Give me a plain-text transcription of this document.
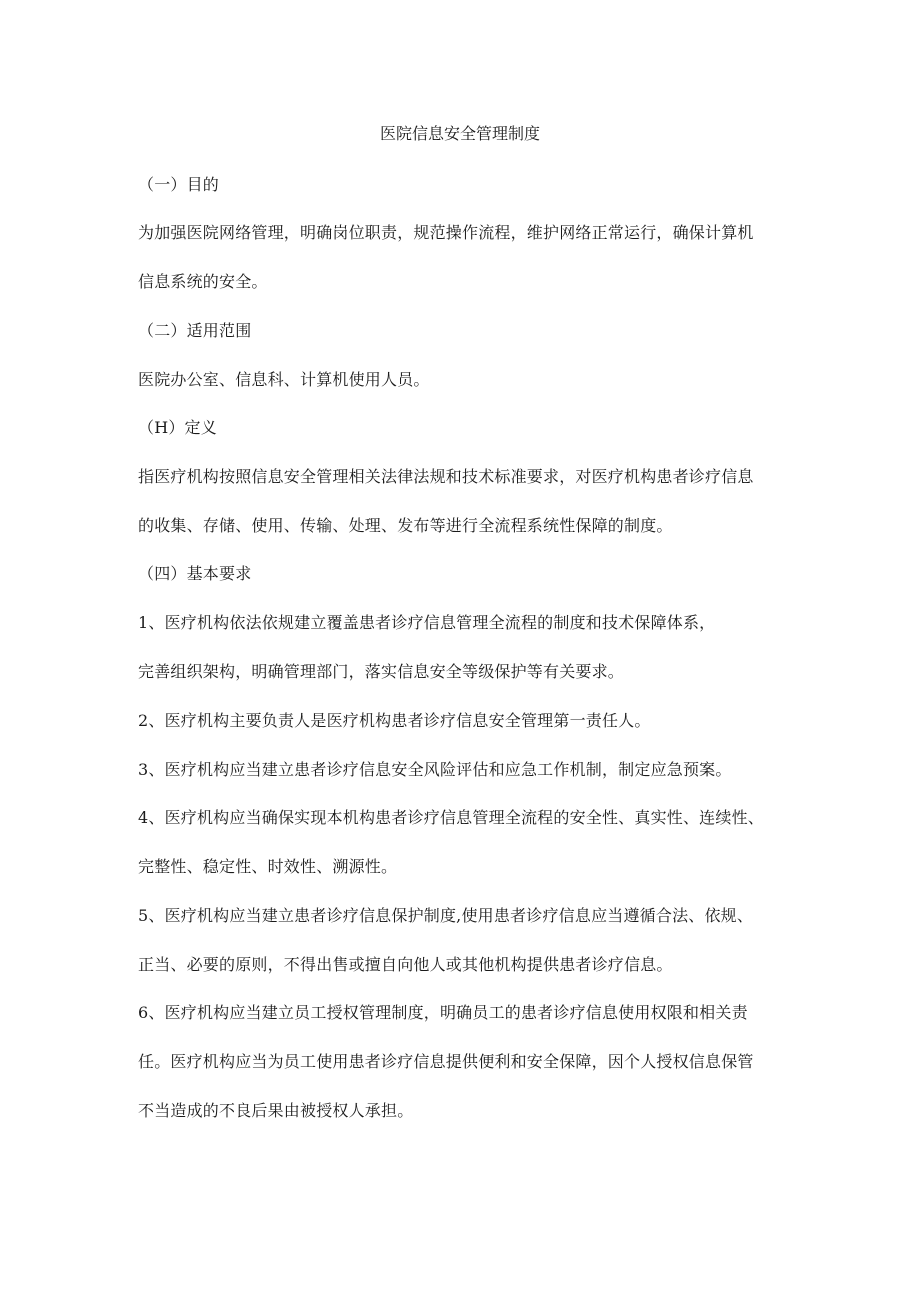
医院信息安全管理制度
（一）目的
为加强医院网络管理，明确岗位职责，规范操作流程，维护网络正常运行，确保计算机
信息系统的安全。
（二）适用范围
医院办公室、信息科、计算机使用人员。
（H）定义
指医疗机构按照信息安全管理相关法律法规和技术标准要求，对医疗机构患者诊疗信息
的收集、存储、使用、传输、处理、发布等进行全流程系统性保障的制度。
（四）基本要求
1、医疗机构依法依规建立覆盖患者诊疗信息管理全流程的制度和技术保障体系，
完善组织架构，明确管理部门，落实信息安全等级保护等有关要求。
2、医疗机构主要负责人是医疗机构患者诊疗信息安全管理第一责任人。
3、医疗机构应当建立患者诊疗信息安全风险评估和应急工作机制，制定应急预案。
4、医疗机构应当确保实现本机构患者诊疗信息管理全流程的安全性、真实性、连续性、
完整性、稳定性、时效性、溯源性。
5、医疗机构应当建立患者诊疗信息保护制度,使用患者诊疗信息应当遵循合法、依规、
正当、必要的原则，不得出售或擅自向他人或其他机构提供患者诊疗信息。
6、医疗机构应当建立员工授权管理制度，明确员工的患者诊疗信息使用权限和相关责
任。医疗机构应当为员工使用患者诊疗信息提供便利和安全保障，因个人授权信息保管
不当造成的不良后果由被授权人承担。
